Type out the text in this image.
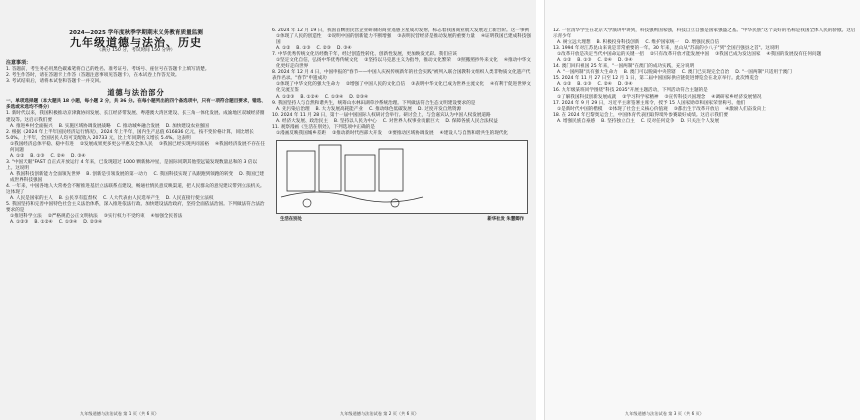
2024—2025 学年度秋季学期期末义务教育质量监测
九年级道德与法治、历史
（满分 150 分，考试时间 150 分钟）
注意事项：

1. 答题前，考生务必用黑色碳素笔将自己的姓名、准考证号、考场号、座位号在答题卡上填写清楚。

2. 考生作答时，请在答题卡上作答（答题注意事项见答题卡），在本试卷上作答无效。

3. 考试结束后，请将本试卷和答题卡一并交回。

道德与法治部分

一、单项选择题（本大题共 18 小题，每小题 2 分，共 36 分。在每小题列出的四个备选项中，只有一项符合题目要求，错选、多选或未选均不得分）

1. 新时代以来，我国积极推动京津冀协同发展、长江经济带发展、粤港澳大湾区建设、长三角一体化发展、成渝地区双城经济圈建设等。这启示我们要

A. 推进乡村全面振兴 B. 实施区域协调发展战略 C. 推动城乡融合发展 D. 加快建设农业强国

2. 根据《2024 年上半年国民经济运行情况》，2024 年上半年，国内生产总值 616836 亿元，按不变价格计算，同比增长 5.0%。上半年，全国居民人均可支配收入 20733 元，比上年同期名义增长 5.4%。这表明

①我国经济总体平稳、稳中有进 ②发展成果更多更公平惠及全体人民 ③我国已经实现共同富裕 ④我国经济发展不存在任何问题

A. ①② B. ①③ C. ②④ D. ③④

3. "中国天眼"FAST 自正式开放运行 4 年来，已发现超过 1000 颗新脉冲星，是国际同期其他望远镜发现数量总和的 3 倍以上。这说明

A. 我国科技创新能力全面领先世界 B. 创新是引领发展的第一动力 C. 我国科技实现了从跟跑到领跑的转变 D. 我国已建成世界科技强国

4. 一年来，中国各地人大常委会不断推进基层立法联系点建设，畅通社情民意反映渠道，把人民群众的意见建议带到立法机关。这体现了

A. 人民是国家的主人 B. 公民享有监督权 C. 人大代表由人民选举产生 D. 人民直接行使立法权

5. 我国坚持和完善中国特色社会主义法治体系，深入推进依法行政、加快建设法治政府，坚持全面依法治国。下列做法符合法治要求的是

①推进科学立法 ②严格规范公正文明执法 ③实行权力不受约束 ④加强全民普法

A. ①②③ B. ①②④ C. ①③④ D. ②③④

6. 2024 年 12 月 19 日，我国首颗由民营企业研制的商业遥感卫星成功发射，标志着我国商业航天发展迈上新台阶。这一事例

①体现了人民的创造性 ②说明中国的创新能力不断增强 ③表明民营经济是推动发展的重要力量 ④证明我国已建成科技强国

A. ①② B. ①③ C. ②③ D. ③④

7. 中华优秀传统文化历经数千年，经过创造性转化、创新性发展，更加焕发光彩。我们应该

①坚定文化自信，弘扬中华优秀传统文化 ②坚持以马克思主义为指导，推动文化繁荣 ③照搬照抄外来文化 ④推动中华文化更好走向世界

8. 2024 年 12 月 4 日，中国申报的"春节——中国人庆祝传统新年的社会实践"被列入联合国教科文组织人类非物质文化遗产代表作名录。"春节"申遗成功

①体现了中华文化的强大生命力 ②增强了中国人民的文化自信 ③表明中华文化已成为世界主流文化 ④有利于促进世界文化交流互鉴

A. ①②③ B. ①②④ C. ①③④ D. ②③④

9. 我国坚持人与自然和谐共生，统筹山水林田湖草沙系统治理。下列做法符合生态文明建设要求的是

A. 先污染后治理 B. 大力发展高耗能产业 C. 推动绿色低碳发展 D. 过度开发自然资源

10. 2024 年 11 月 28 日，第十一届中国国际人权研讨会举行。研讨会上，与会嘉宾认为中国人权发展道路

A. 经济大发展、政治民主 B. 坚持以人民为中心 C. 对世界人权事业贡献巨大 D. 保障各族人民合法权益

11. 观察漫画《生活在别处》，下列选项中正确的是

①漫画反映我国城乡差距 ②推动新时代西部大开发 ③要推动区域协调发展 ④建设人与自然和谐共生的现代化

生活在别处	新华社发 朱慧卿作
九年级道德与法治试卷 第 1 页（共 6 页）	九年级道德与法治试卷 第 2 页（共 6 页）

12. 一位清华学生在北京大学演讲中讲到，科技强则国家强，科技自立自强是国家强盛之基。"中华民族"这个美好的名称是我国全体人民的骄傲。这启示青少年

A. 树立远大理想 B. 积极投身科技创新 C. 维护国家统一 D. 增强民族自信

13. 1994 年对江苏昆山来说是非常重要的一年。30 年来，昆山从"苏南的小八子"到"全国百强县之首"。这说明

①改革开放是决定当代中国命运的关键一招 ②只有改革开放才能发展中国 ③我国已成为发达国家 ④我国的发展没有任何问题

A. ①② B. ①③ C. ②④ D. ③④

14. 澳门回归祖国 25 年来，"一国两制"在澳门的成功实践，充分说明

A. "一国两制"具有强大生命力 B. 澳门可以脱离中央管辖 C. 澳门已实现完全自治 D. "一国两制"只适用于澳门

15. 2024 年 11 月 27 日至 12 月 1 日，第二届中国国际供应链促进博览会在北京举行。此次博览会

A. ①② B. ①③ C. ②④ D. ③④

16. 九年级某班同学围绕"科技 2035"开展主题活动，下列活动符合主题的是

①了解我国科技创新发展成就 ②学习科学家精神 ③宣传科技兴国理念 ④调研家乡经济发展情况

17. 2024 年 9 月 29 日，习近平主席签署主席令，授予 15 人国家勋章和国家荣誉称号。他们

①是新时代中国的楷模 ②体现了社会主义核心价值观 ③都出生于改革开放后 ④激励人们奋发向上

18. 在 2024 年巴黎奥运会上，中国体育代表团取得境外参赛最好成绩。这启示我们要

A. 增强民族自豪感 B. 坚持独立自主 C. 反对任何竞争 D. 只关注个人发展

九年级道德与法治试卷 第 3 页（共 6 页）
